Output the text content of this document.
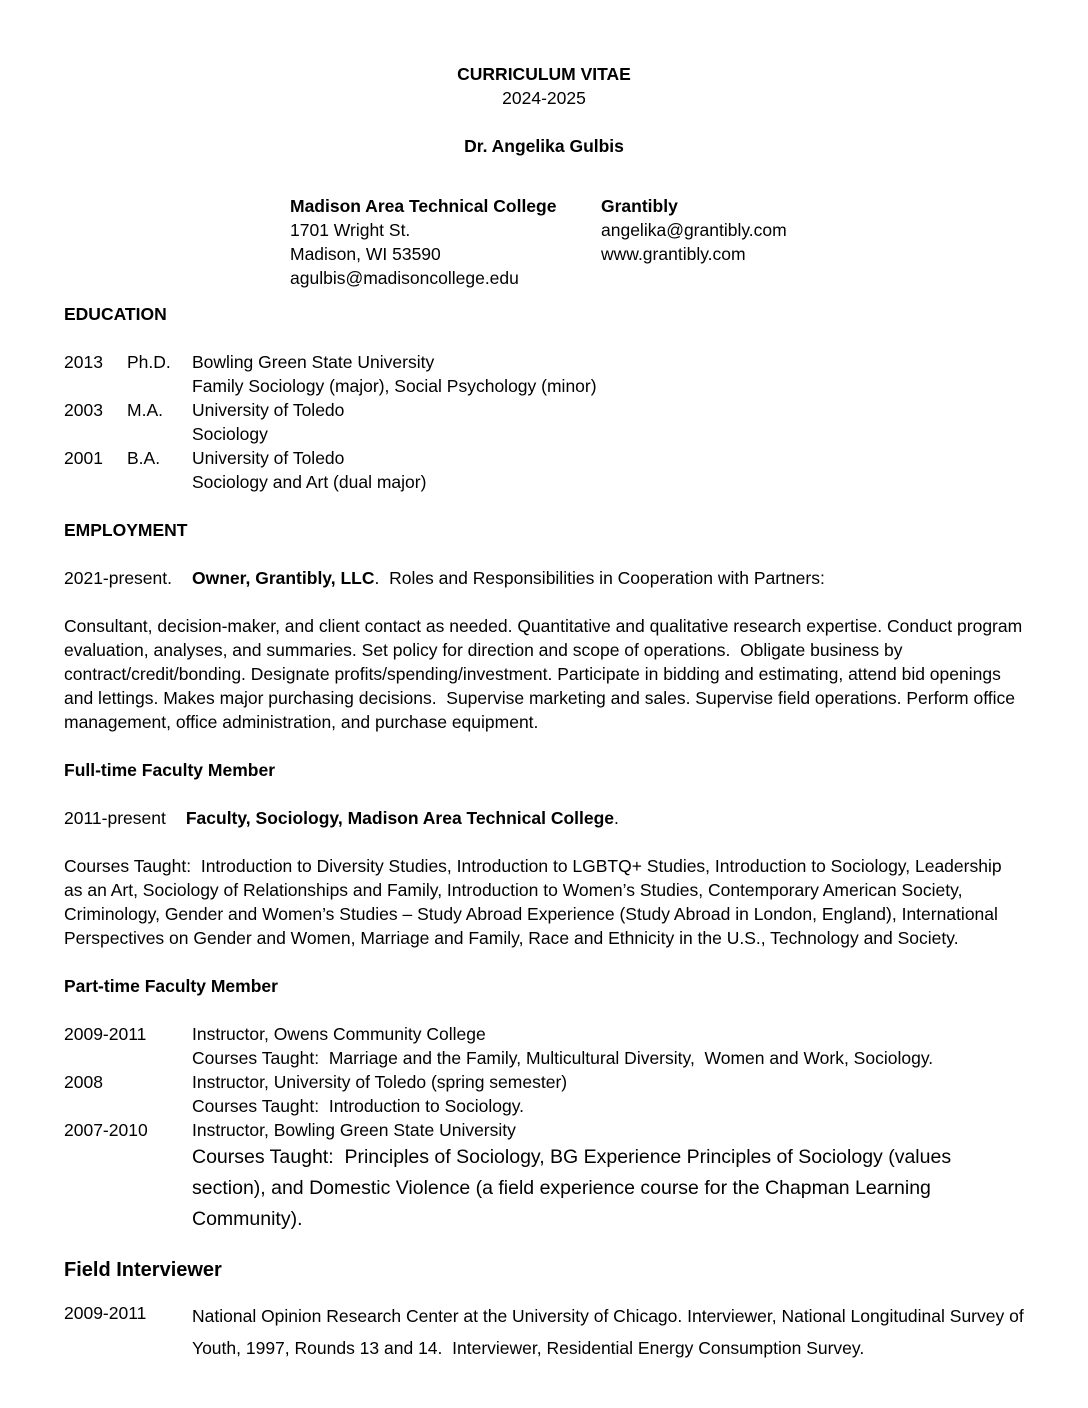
CURRICULUM VITAE
2024-2025
Dr. Angelika Gulbis
Madison Area Technical College
1701 Wright St.
Madison, WI 53590
agulbis@madisoncollege.edu
Grantibly
angelika@grantibly.com
www.grantibly.com
EDUCATION
2013	Ph.D.	Bowling Green State University
Family Sociology (major), Social Psychology (minor)
2003	M.A.	University of Toledo
Sociology
2001	B.A.	University of Toledo
Sociology and Art (dual major)
EMPLOYMENT
2021-present. Owner, Grantibly, LLC.  Roles and Responsibilities in Cooperation with Partners:
Consultant, decision-maker, and client contact as needed. Quantitative and qualitative research expertise. Conduct program evaluation, analyses, and summaries. Set policy for direction and scope of operations.  Obligate business by contract/credit/bonding. Designate profits/spending/investment. Participate in bidding and estimating, attend bid openings and lettings. Makes major purchasing decisions.  Supervise marketing and sales. Supervise field operations. Perform office management, office administration, and purchase equipment.
Full-time Faculty Member
2011-present Faculty, Sociology, Madison Area Technical College.
Courses Taught:  Introduction to Diversity Studies, Introduction to LGBTQ+ Studies, Introduction to Sociology, Leadership as an Art, Sociology of Relationships and Family, Introduction to Women’s Studies, Contemporary American Society, Criminology, Gender and Women’s Studies – Study Abroad Experience (Study Abroad in London, England), International Perspectives on Gender and Women, Marriage and Family, Race and Ethnicity in the U.S., Technology and Society.
Part-time Faculty Member
2009-2011	Instructor, Owens Community College
Courses Taught:  Marriage and the Family, Multicultural Diversity,  Women and Work, Sociology.
2008	Instructor, University of Toledo (spring semester)
Courses Taught:  Introduction to Sociology.
2007-2010	Instructor, Bowling Green State University
Courses Taught:  Principles of Sociology, BG Experience Principles of Sociology (values section), and Domestic Violence (a field experience course for the Chapman Learning Community).
Field Interviewer
2009-2011	National Opinion Research Center at the University of Chicago. Interviewer, National Longitudinal Survey of Youth, 1997, Rounds 13 and 14.  Interviewer, Residential Energy Consumption Survey.
